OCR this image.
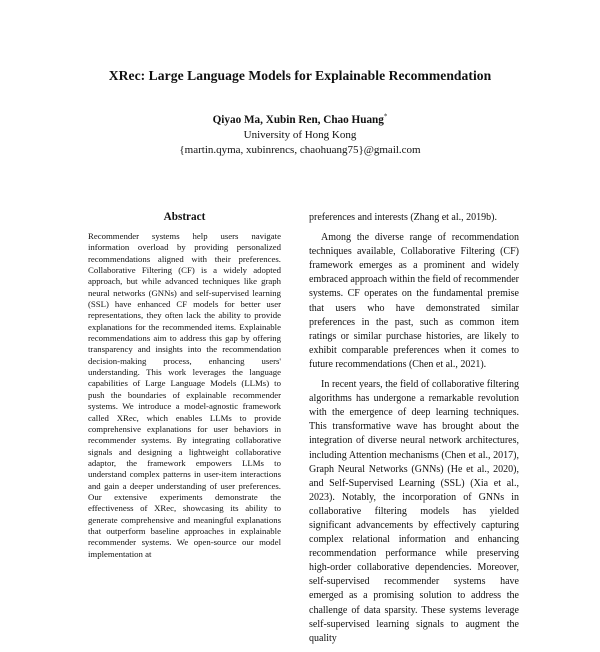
XRec: Large Language Models for Explainable Recommendation
Qiyao Ma, Xubin Ren, Chao Huang*
University of Hong Kong
{martin.qyma, xubinrencs, chaohuang75}@gmail.com
Abstract
Recommender systems help users navigate information overload by providing personalized recommendations aligned with their preferences. Collaborative Filtering (CF) is a widely adopted approach, but while advanced techniques like graph neural networks (GNNs) and self-supervised learning (SSL) have enhanced CF models for better user representations, they often lack the ability to provide explanations for the recommended items. Explainable recommendations aim to address this gap by offering transparency and insights into the recommendation decision-making process, enhancing users' understanding. This work leverages the language capabilities of Large Language Models (LLMs) to push the boundaries of explainable recommender systems. We introduce a model-agnostic framework called XRec, which enables LLMs to provide comprehensive explanations for user behaviors in recommender systems. By integrating collaborative signals and designing a lightweight collaborative adaptor, the framework empowers LLMs to understand complex patterns in user-item interactions and gain a deeper understanding of user preferences. Our extensive experiments demonstrate the effectiveness of XRec, showcasing its ability to generate comprehensive and meaningful explanations that outperform baseline approaches in explainable recommender systems. We open-source our model implementation at

preferences and interests (Zhang et al., 2019b).

Among the diverse range of recommendation techniques available, Collaborative Filtering (CF) framework emerges as a prominent and widely embraced approach within the field of recommender systems. CF operates on the fundamental premise that users who have demonstrated similar preferences in the past, such as common item ratings or similar purchase histories, are likely to exhibit comparable preferences when it comes to future recommendations (Chen et al., 2021).

In recent years, the field of collaborative filtering algorithms has undergone a remarkable revolution with the emergence of deep learning techniques. This transformative wave has brought about the integration of diverse neural network architectures, including Attention mechanisms (Chen et al., 2017), Graph Neural Networks (GNNs) (He et al., 2020), and Self-Supervised Learning (SSL) (Xia et al., 2023). Notably, the incorporation of GNNs in collaborative filtering models has yielded significant advancements by effectively capturing complex relational information and enhancing recommendation performance while preserving high-order collaborative dependencies. Moreover, self-supervised recommender systems have emerged as a promising solution to address the challenge of data sparsity. These systems leverage self-supervised learning signals to augment the quality
